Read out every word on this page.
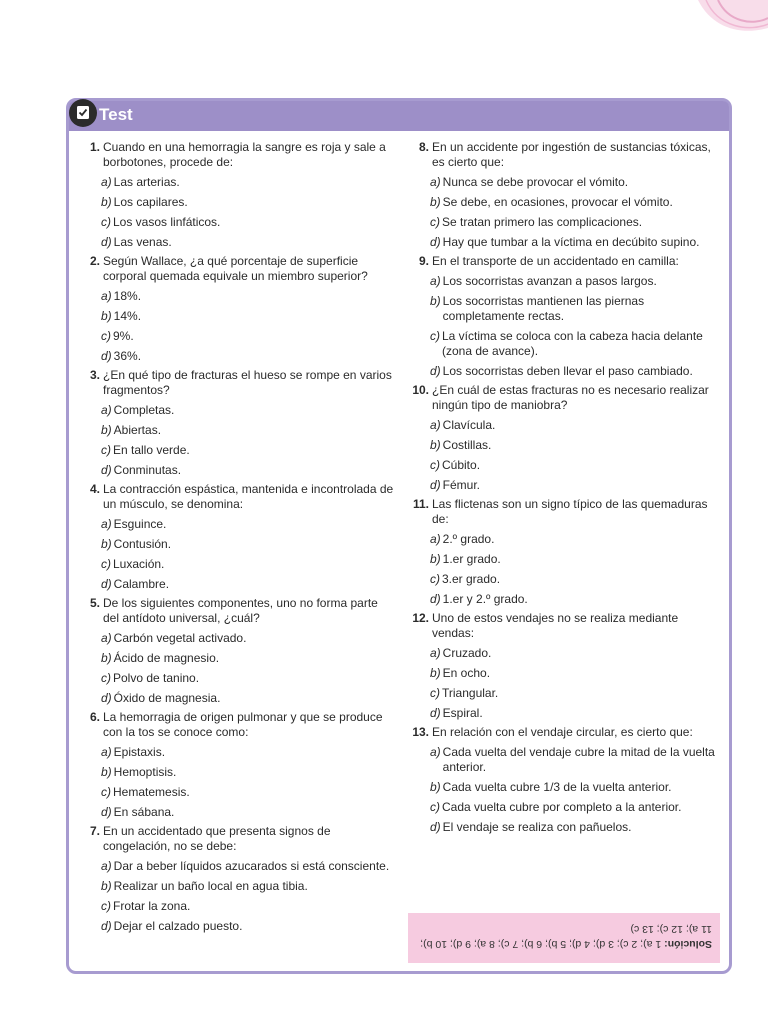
Test
1. Cuando en una hemorragia la sangre es roja y sale a borbotones, procede de:
a) Las arterias.
b) Los capilares.
c) Los vasos linfáticos.
d) Las venas.
2. Según Wallace, ¿a qué porcentaje de superficie corporal quemada equivale un miembro superior?
a) 18%.
b) 14%.
c) 9%.
d) 36%.
3. ¿En qué tipo de fracturas el hueso se rompe en varios fragmentos?
a) Completas.
b) Abiertas.
c) En tallo verde.
d) Conminutas.
4. La contracción espástica, mantenida e incontrolada de un músculo, se denomina:
a) Esguince.
b) Contusión.
c) Luxación.
d) Calambre.
5. De los siguientes componentes, uno no forma parte del antídoto universal, ¿cuál?
a) Carbón vegetal activado.
b) Ácido de magnesio.
c) Polvo de tanino.
d) Óxido de magnesia.
6. La hemorragia de origen pulmonar y que se produce con la tos se conoce como:
a) Epistaxis.
b) Hemoptisis.
c) Hematemesis.
d) En sábana.
7. En un accidentado que presenta signos de congelación, no se debe:
a) Dar a beber líquidos azucarados si está consciente.
b) Realizar un baño local en agua tibia.
c) Frotar la zona.
d) Dejar el calzado puesto.
8. En un accidente por ingestión de sustancias tóxicas, es cierto que:
a) Nunca se debe provocar el vómito.
b) Se debe, en ocasiones, provocar el vómito.
c) Se tratan primero las complicaciones.
d) Hay que tumbar a la víctima en decúbito supino.
9. En el transporte de un accidentado en camilla:
a) Los socorristas avanzan a pasos largos.
b) Los socorristas mantienen las piernas completamente rectas.
c) La víctima se coloca con la cabeza hacia delante (zona de avance).
d) Los socorristas deben llevar el paso cambiado.
10. ¿En cuál de estas fracturas no es necesario realizar ningún tipo de maniobra?
a) Clavícula.
b) Costillas.
c) Cúbito.
d) Fémur.
11. Las flictenas son un signo típico de las quemaduras de:
a) 2.º grado.
b) 1.er grado.
c) 3.er grado.
d) 1.er y 2.º grado.
12. Uno de estos vendajes no se realiza mediante vendas:
a) Cruzado.
b) En ocho.
c) Triangular.
d) Espiral.
13. En relación con el vendaje circular, es cierto que:
a) Cada vuelta del vendaje cubre la mitad de la vuelta anterior.
b) Cada vuelta cubre 1/3 de la vuelta anterior.
c) Cada vuelta cubre por completo a la anterior.
d) El vendaje se realiza con pañuelos.
Solución: 1 a); 2 c); 3 d); 4 d); 5 b); 6 b); 7 c); 8 a); 9 d); 10 b); 11 a); 12 c); 13 c)
